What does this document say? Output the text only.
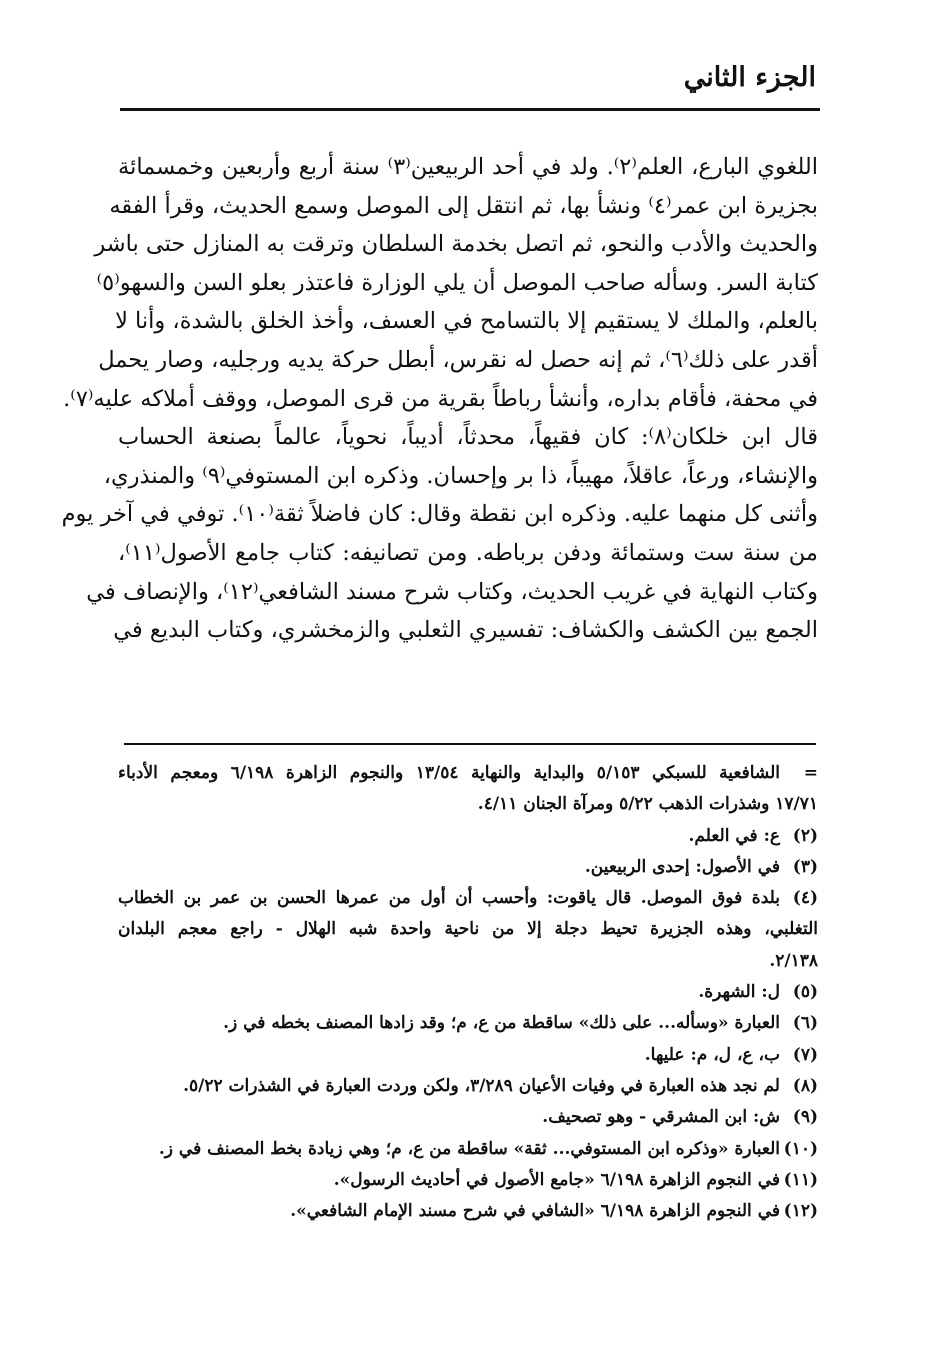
الجزء الثاني
اللغوي البارع، العلم⁽٢⁾. ولد في أحد الربيعين⁽٣⁾ سنة أربع وأربعين وخمسمائة
بجزيرة ابن عمر⁽٤⁾ ونشأ بها، ثم انتقل إلى الموصل وسمع الحديث، وقرأ الفقه
والحديث والأدب والنحو، ثم اتصل بخدمة السلطان وترقت به المنازل حتى باشر
كتابة السر. وسأله صاحب الموصل أن يلي الوزارة فاعتذر بعلو السن والسهو⁽٥⁾
بالعلم، والملك لا يستقيم إلا بالتسامح في العسف، وأخذ الخلق بالشدة، وأنا لا
أقدر على ذلك⁽٦⁾، ثم إنه حصل له نقرس، أبطل حركة يديه ورجليه، وصار يحمل
في محفة، فأقام بداره، وأنشأ رباطاً بقرية من قرى الموصل، ووقف أملاكه عليه⁽٧⁾.
قال ابن خلكان⁽٨⁾: كان فقيهاً، محدثاً، أديباً، نحوياً، عالماً بصنعة الحساب
والإنشاء، ورعاً، عاقلاً، مهيباً، ذا بر وإحسان. وذكره ابن المستوفي⁽٩⁾ والمنذري،
وأثنى كل منهما عليه. وذكره ابن نقطة وقال: كان فاضلاً ثقة⁽١٠⁾. توفي في آخر يوم
من سنة ست وستمائة ودفن برباطه. ومن تصانيفه: كتاب جامع الأصول⁽١١⁾،
وكتاب النهاية في غريب الحديث، وكتاب شرح مسند الشافعي⁽١٢⁾، والإنصاف في
الجمع بين الكشف والكشاف: تفسيري الثعلبي والزمخشري، وكتاب البديع في
=الشافعية للسبكي ٥/١٥٣ والبداية والنهاية ١٣/٥٤ والنجوم الزاهرة ٦/١٩٨ ومعجم الأدباء
١٧/٧١ وشذرات الذهب ٥/٢٢ ومرآة الجنان ٤/١١.
(٢)ع: في العلم.
(٣)في الأصول: إحدى الربيعين.
(٤)بلدة فوق الموصل. قال ياقوت: وأحسب أن أول من عمرها الحسن بن عمر بن الخطاب
التغلبي، وهذه الجزيرة تحيط دجلة إلا من ناحية واحدة شبه الهلال - راجع معجم البلدان
٢/١٣٨.
(٥)ل: الشهرة.
(٦)العبارة «وسأله... على ذلك» ساقطة من ع، م؛ وقد زادها المصنف بخطه في ز.
(٧)ب، ع، ل، م: عليها.
(٨)لم نجد هذه العبارة في وفيات الأعيان ٣/٢٨٩، ولكن وردت العبارة في الشذرات ٥/٢٢.
(٩)ش: ابن المشرقي - وهو تصحيف.
(١٠)العبارة «وذكره ابن المستوفي... ثقة» ساقطة من ع، م؛ وهي زيادة بخط المصنف في ز.
(١١)في النجوم الزاهرة ٦/١٩٨ «جامع الأصول في أحاديث الرسول».
(١٢)في النجوم الزاهرة ٦/١٩٨ «الشافي في شرح مسند الإمام الشافعي».
